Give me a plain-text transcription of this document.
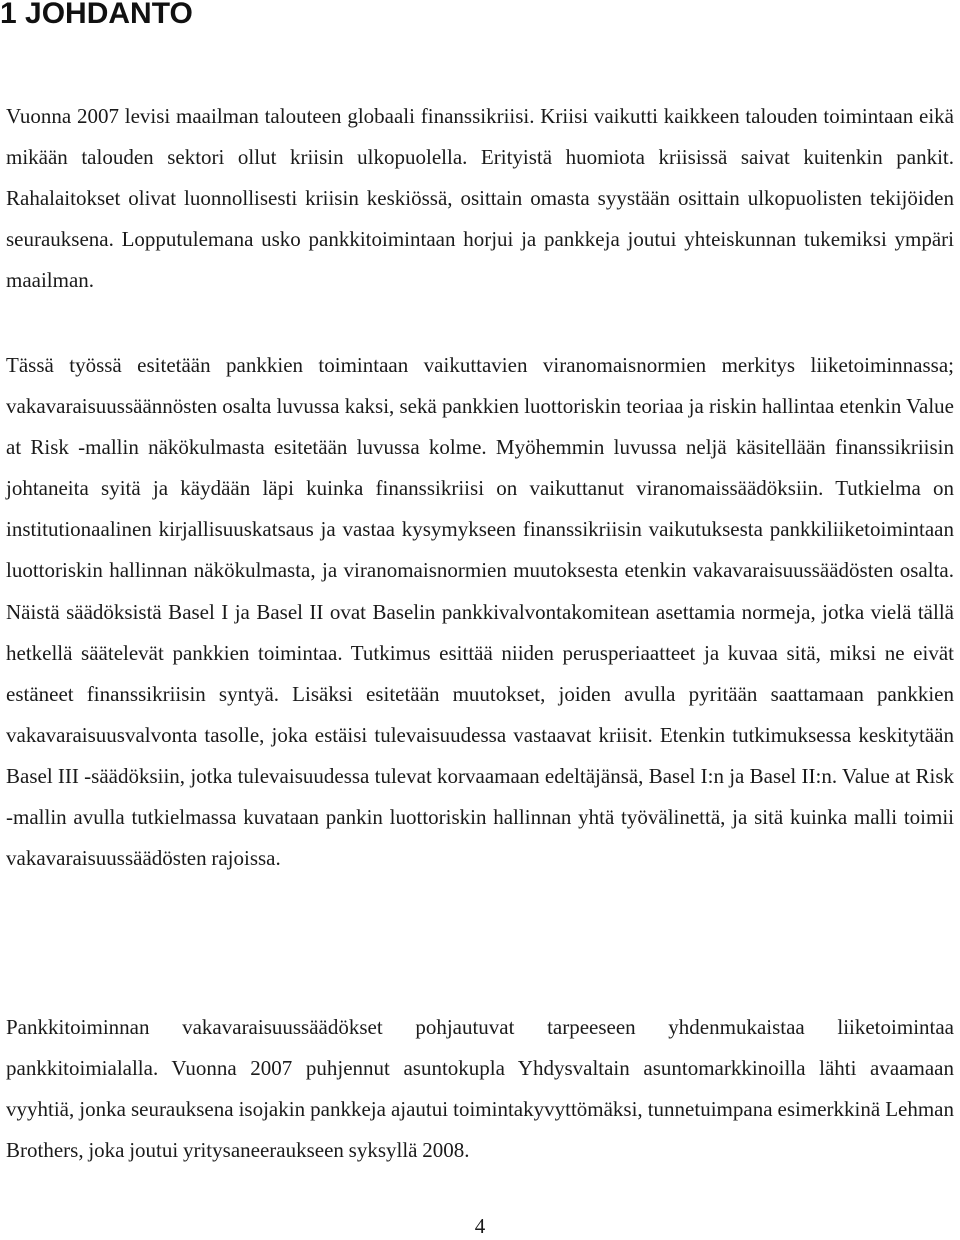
1 JOHDANTO

Vuonna 2007 levisi maailman talouteen globaali finanssikriisi. Kriisi vaikutti kaikkeen talouden toimintaan eikä mikään talouden sektori ollut kriisin ulkopuolella. Erityistä huomiota kriisissä saivat kuitenkin pankit. Rahalaitokset olivat luonnollisesti kriisin keskiössä, osittain omasta syystään osittain ulkopuolisten tekijöiden seurauksena. Lopputulemana usko pankkitoimintaan horjui ja pankkeja joutui yhteiskunnan tukemiksi ympäri maailman.

Tässä työssä esitetään pankkien toimintaan vaikuttavien viranomaisnormien merkitys liiketoiminnassa; vakavaraisuussäännösten osalta luvussa kaksi, sekä pankkien luottoriskin teoriaa ja riskin hallintaa etenkin Value at Risk -mallin näkökulmasta esitetään luvussa kolme. Myöhemmin luvussa neljä käsitellään finanssikriisin johtaneita syitä ja käydään läpi kuinka finanssikriisi on vaikuttanut viranomaissäädöksiin. Tutkielma on institutionaalinen kirjallisuuskatsaus ja vastaa kysymykseen finanssikriisin vaikutuksesta pankkiliiketoimintaan luottoriskin hallinnan näkökulmasta, ja viranomaisnormien muutoksesta etenkin vakavaraisuussäädösten osalta. Näistä säädöksistä Basel I ja Basel II ovat Baselin pankkivalvontakomitean asettamia normeja, jotka vielä tällä hetkellä säätelevät pankkien toimintaa. Tutkimus esittää niiden perusperiaatteet ja kuvaa sitä, miksi ne eivät estäneet finanssikriisin syntyä. Lisäksi esitetään muutokset, joiden avulla pyritään saattamaan pankkien vakavaraisuusvalvonta tasolle, joka estäisi tulevaisuudessa vastaavat kriisit. Etenkin tutkimuksessa keskitytään Basel III -säädöksiin, jotka tulevaisuudessa tulevat korvaamaan edeltäjänsä, Basel I:n ja Basel II:n. Value at Risk -mallin avulla tutkielmassa kuvataan pankin luottoriskin hallinnan yhtä työvälinettä, ja sitä kuinka malli toimii vakavaraisuussäädösten rajoissa.

Pankkitoiminnan vakavaraisuussäädökset pohjautuvat tarpeeseen yhdenmukaistaa liiketoimintaa pankkitoimialalla. Vuonna 2007 puhjennut asuntokupla Yhdysvaltain asuntomarkkinoilla lähti avaamaan vyyhtiä, jonka seurauksena isojakin pankkeja ajautui toimintakyvyttömäksi, tunnetuimpana esimerkkinä Lehman Brothers, joka joutui yritysaneeraukseen syksyllä 2008.

4
